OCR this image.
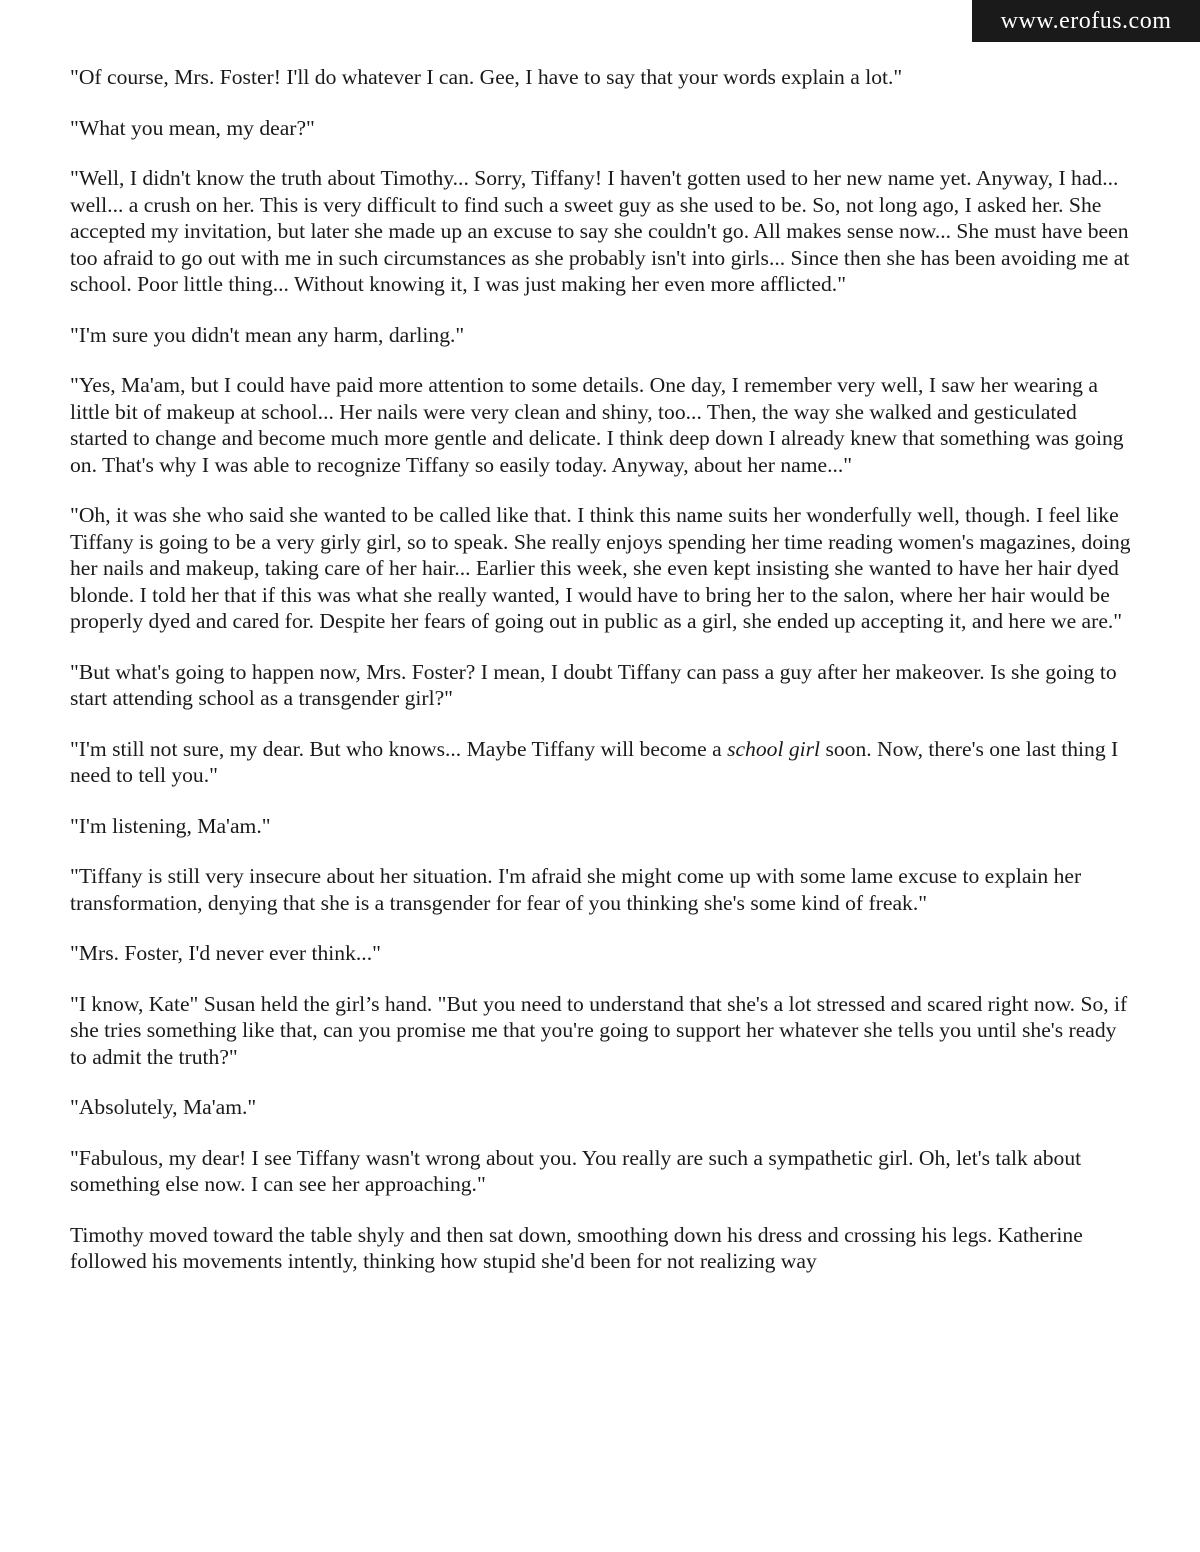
www.erofus.com

"Of course, Mrs. Foster! I'll do whatever I can. Gee, I have to say that your words explain a lot."

"What you mean, my dear?"

"Well, I didn't know the truth about Timothy... Sorry, Tiffany! I haven't gotten used to her new name yet. Anyway, I had... well... a crush on her. This is very difficult to find such a sweet guy as she used to be. So, not long ago, I asked her. She accepted my invitation, but later she made up an excuse to say she couldn't go. All makes sense now... She must have been too afraid to go out with me in such circumstances as she probably isn't into girls... Since then she has been avoiding me at school. Poor little thing... Without knowing it, I was just making her even more afflicted."

"I'm sure you didn't mean any harm, darling."

"Yes, Ma'am, but I could have paid more attention to some details. One day, I remember very well, I saw her wearing a little bit of makeup at school... Her nails were very clean and shiny, too... Then, the way she walked and gesticulated started to change and become much more gentle and delicate. I think deep down I already knew that something was going on. That's why I was able to recognize Tiffany so easily today. Anyway, about her name..."

"Oh, it was she who said she wanted to be called like that. I think this name suits her wonderfully well, though. I feel like Tiffany is going to be a very girly girl, so to speak. She really enjoys spending her time reading women's magazines, doing her nails and makeup, taking care of her hair... Earlier this week, she even kept insisting she wanted to have her hair dyed blonde. I told her that if this was what she really wanted, I would have to bring her to the salon, where her hair would be properly dyed and cared for. Despite her fears of going out in public as a girl, she ended up accepting it, and here we are."

"But what's going to happen now, Mrs. Foster? I mean, I doubt Tiffany can pass a guy after her makeover. Is she going to start attending school as a transgender girl?"

"I'm still not sure, my dear. But who knows... Maybe Tiffany will become a school girl soon. Now, there's one last thing I need to tell you."

"I'm listening, Ma'am."

"Tiffany is still very insecure about her situation. I'm afraid she might come up with some lame excuse to explain her transformation, denying that she is a transgender for fear of you thinking she's some kind of freak."

"Mrs. Foster, I'd never ever think..."

"I know, Kate" Susan held the girl’s hand. "But you need to understand that she's a lot stressed and scared right now. So, if she tries something like that, can you promise me that you're going to support her whatever she tells you until she's ready to admit the truth?"

"Absolutely, Ma'am."

"Fabulous, my dear! I see Tiffany wasn't wrong about you. You really are such a sympathetic girl. Oh, let's talk about something else now. I can see her approaching."

Timothy moved toward the table shyly and then sat down, smoothing down his dress and crossing his legs. Katherine followed his movements intently, thinking how stupid she'd been for not realizing way
